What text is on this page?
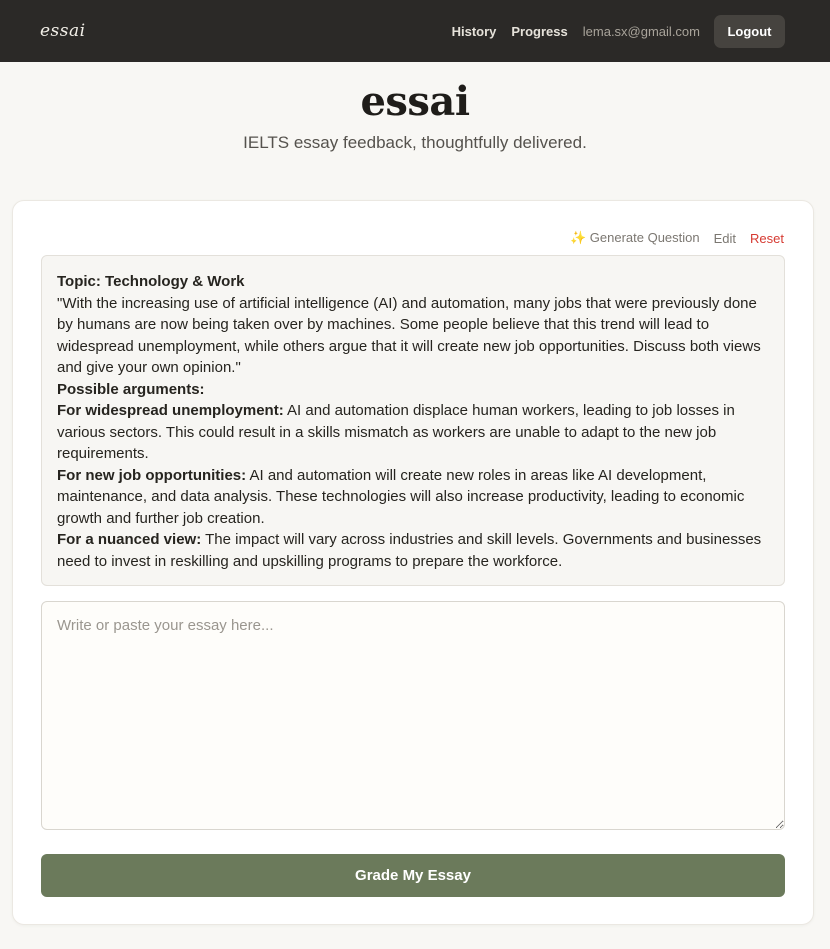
essai	History Progress lema.sx@gmail.com	Logout
essai
IELTS essay feedback, thoughtfully delivered.
✨ Generate Question Edit Reset
Topic: Technology & Work
"With the increasing use of artificial intelligence (AI) and automation, many jobs that were previously done by humans are now being taken over by machines. Some people believe that this trend will lead to widespread unemployment, while others argue that it will create new job opportunities. Discuss both views and give your own opinion."
Possible arguments:
For widespread unemployment: AI and automation displace human workers, leading to job losses in various sectors. This could result in a skills mismatch as workers are unable to adapt to the new job requirements.
For new job opportunities: AI and automation will create new roles in areas like AI development, maintenance, and data analysis. These technologies will also increase productivity, leading to economic growth and further job creation.
For a nuanced view: The impact will vary across industries and skill levels. Governments and businesses need to invest in reskilling and upskilling programs to prepare the workforce.
Write or paste your essay here...
Grade My Essay
